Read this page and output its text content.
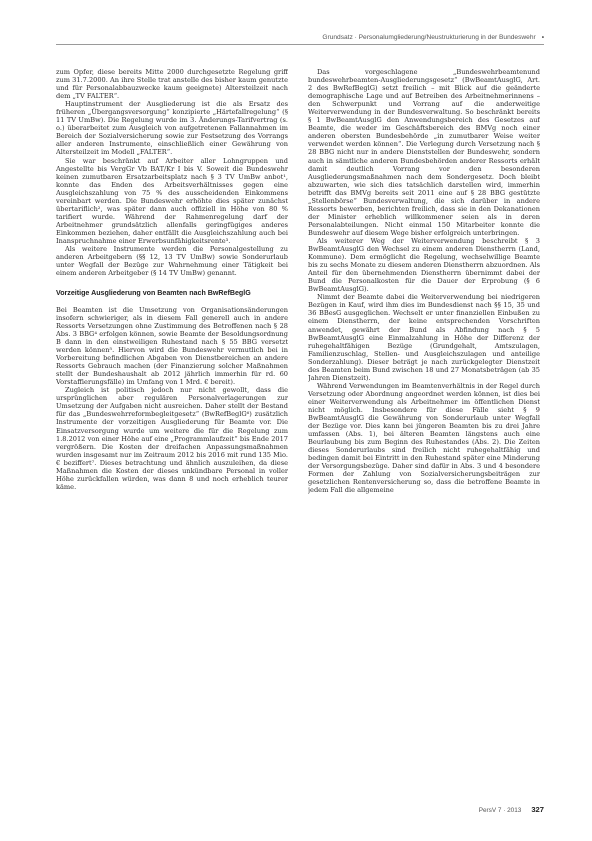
Grundsatz · Personalumgliederung/Neustrukturierung in der Bundeswehr •

zum Opfer, diese bereits Mitte 2000 durchgesetzte Regelung griff zum 31.7.2000. An ihre Stelle trat anstelle des bisher kaum genutzte und für Personalabbauzwecke kaum geeignete) Altersteilzeit nach dem „TV FALTER“.

Hauptinstrument der Ausgliederung ist die als Ersatz des früheren „Übergangsversorgung“ konzipierte „Härtefallregelung“ (§ 11 TV UmBw). Die Regelung wurde im 3. Änderungs-Tarifvertrag (s. o.) überarbeitet zum Ausgleich von aufgetretenen Fallannahmen im Bereich der Sozialversicherung sowie zur Festsetzung des Vorrangs aller anderen Instrumente, einschließlich einer Gewährung von Altersteilzeit im Modell „FALTER“.

Sie war beschränkt auf Arbeiter aller Lohngruppen und Angestellte bis VergGr Vb BAT/Kr I bis V. Soweit die Bundeswehr keinen zumutbaren Ersatzarbeitsplatz nach § 3 TV UmBw anbot¹, konnte das Enden des Arbeitsverhältnisses gegen eine Ausgleichszahlung von 75 % des ausscheidenden Einkommens vereinbart werden. Die Bundeswehr erhöhte dies später zunächst übertariflich², was später dann auch offiziell in Höhe von 80 % tarifiert wurde. Während der Rahmenregelung darf der Arbeitnehmer grundsätzlich allenfalls geringfügiges anderes Einkommen beziehen, daher entfällt die Ausgleichszahlung auch bei Inanspruchnahme einer Erwerbsunfähigkeitsrente³.

Als weitere Instrumente werden die Personalgestellung zu anderen Arbeitgebern (§§ 12, 13 TV UmBw) sowie Sonderurlaub unter Wegfall der Bezüge zur Wahrnehmung einer Tätigkeit bei einem anderen Arbeitgeber (§ 14 TV UmBw) genannt.

Vorzeitige Ausgliederung von Beamten nach BwRefBeglG

Bei Beamten ist die Umsetzung von Organisationsänderungen insofern schwieriger, als in diesem Fall generell auch in andere Ressorts Versetzungen ohne Zustimmung des Betroffenen nach § 28 Abs. 3 BBG⁴ erfolgen können, sowie Beamte der Besoldungsordnung B dann in den einstweiligen Ruhestand nach § 55 BBG versetzt werden können⁵. Hiervon wird die Bundeswehr vermutlich bei in Vorbereitung befindlichen Abgaben von Dienstbereichen an andere Ressorts Gebrauch machen (der Finanzierung solcher Maßnahmen stellt der Bundeshaushalt ab 2012 jährlich immerhin für rd. 60 Vorstaffierungsfälle) im Umfang von 1 Mrd. € bereit).

Zugleich ist politisch jedoch nur nicht gewollt, dass die ursprünglichen aber regulären Personalverlagerungen zur Umsetzung der Aufgaben nicht ausreichen. Daher stellt der Bestand für das „Bundeswehrreformbegleitgesetz“ (BwRefBeglG⁶) zusätzlich Instrumente der vorzeitigen Ausgliederung für Beamte vor. Die Einsatzversorgung wurde um weitere die für die Regelung zum 1.8.2012 von einer Höhe auf eine „Programmlaufzeit“ bis Ende 2017 vergrößern. Die Kosten der dreifachen Anpassungsmaßnahmen wurden insgesamt nur im Zeitraum 2012 bis 2016 mit rund 135 Mio. € beziffert⁷. Dieses betrachtung und ähnlich auszuleihen, da diese Maßnahmen die Kosten der dieses unkündbare Personal in voller Höhe zurückfallen würden, was dann 8 und noch erheblich teurer käme.

Das vorgeschlagene „Bundeswehrbeamtenund bundeswehrbeamten-Ausgliederungsgesetz“ (BwBeamtAusglG, Art. 2 des BwRefBeglG) setzt freilich – mit Blick auf die geänderte demographische Lage und auf Betreiben des Arbeitnehmerinnens – den Schwerpunkt und Vorrang auf die anderweitige Weiterverwendung in der Bundesverwaltung. So beschränkt bereits § 1 BwBeamtAusglG den Anwendungsbereich des Gesetzes auf Beamte, die weder im Geschäftsbereich des BMVg noch einer anderen obersten Bundesbehörde „in zumutbarer Weise weiter verwendet werden können“. Die Verlegung durch Versetzung nach § 28 BBG nicht nur in andere Dienststellen der Bundeswehr, sondern auch in sämtliche anderen Bundesbehörden anderer Ressorts erhält damit deutlich Vorrang vor den besonderen Ausgliederungsmaßnahmen nach dem Sondergesetz. Doch bleibt abzuwarten, wie sich dies tatsächlich darstellen wird, immerhin betrifft das BMVg bereits seit 2011 eine auf § 28 BBG gestützte „Stellenbörse“ Bundesverwaltung, die sich darüber in andere Ressorts bewerben, berichten freilich, dass sie in den Dekanationen der Minister erheblich willkommener seien als in deren Personalabteilungen. Nicht einmal 150 Mitarbeiter konnte die Bundeswehr auf diesem Wege bisher erfolgreich unterbringen.

Als weiterer Weg der Weiterverwendung beschreibt § 3 BwBeamtAusglG den Wechsel zu einem anderen Dienstherrn (Land, Kommune). Dem ermöglicht die Regelung, wechselwillige Beamte bis zu sechs Monate zu diesem anderen Dienstherrn abzuordnen. Als Anteil für den übernehmenden Dienstherrn übernimmt dabei der Bund die Personalkosten für die Dauer der Erprobung (§ 6 BwBeamtAusglG).

Nimmt der Beamte dabei die Weiterverwendung bei niedrigeren Bezügen in Kauf, wird ihm dies im Bundesdienst nach §§ 15, 35 und 36 BBesG ausgeglichen. Wechselt er unter finanziellen Einbußen zu einem Dienstherrn, der keine entsprechenden Vorschriften anwendet, gewährt der Bund als Abfindung nach § 5 BwBeamtAusglG eine Einmalzahlung in Höhe der Differenz der ruhegehaltfähigen Bezüge (Grundgehalt, Amtszulagen, Familienzuschlag, Stellen- und Ausgleichszulagen und anteilige Sonderzahlung). Dieser beträgt je nach zurückgelegter Dienstzeit des Beamten beim Bund zwischen 18 und 27 Monatsbeträgen (ab 35 Jahren Dienstzeit).

Während Verwendungen im Beamtenverhältnis in der Regel durch Versetzung oder Abordnung angeordnet werden können, ist dies bei einer Weiterverwendung als Arbeitnehmer im öffentlichen Dienst nicht möglich. Insbesondere für diese Fälle sieht § 9 BwBeamtAusglG die Gewährung von Sonderurlaub unter Wegfall der Bezüge vor. Dies kann bei jüngeren Beamten bis zu drei Jahre umfassen (Abs. 1), bei älteren Beamten längstens auch eine Beurlaubung bis zum Beginn des Ruhestandes (Abs. 2). Die Zeiten dieses Sonderurlaubs sind freilich nicht ruhegehaltfähig und bedingen damit bei Eintritt in den Ruhestand später eine Minderung der Versorgungsbezüge. Daher sind dafür in Abs. 3 und 4 besondere Formen der Zahlung von Sozialversicherungsbeiträgen zur gesetzlichen Rentenversicherung so, dass die betroffene Beamte in jedem Fall die allgemeine

PersV 7 · 2013 327
